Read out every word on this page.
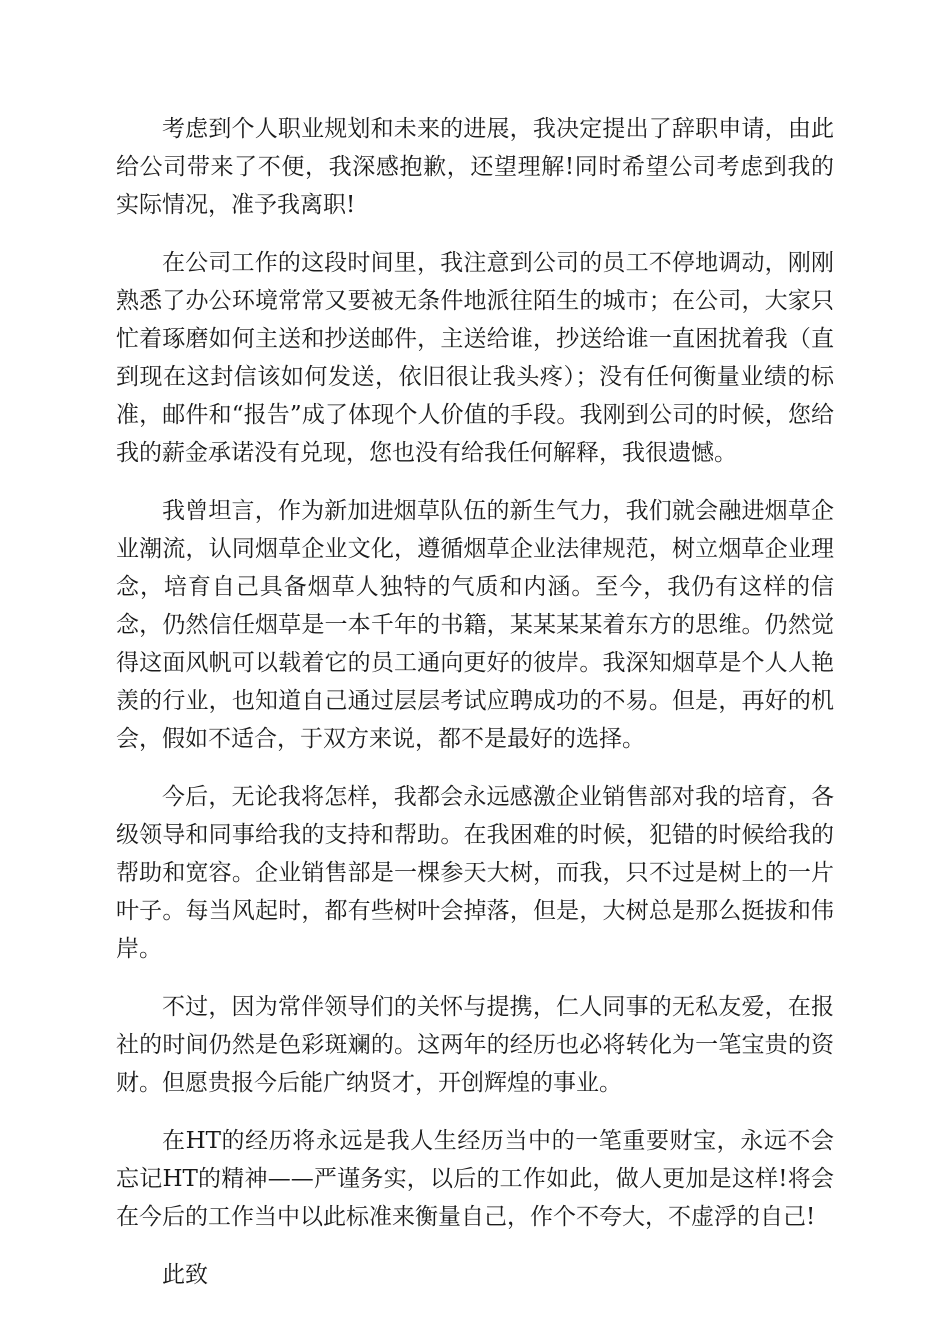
考虑到个人职业规划和未来的进展，我决定提出了辞职申请，由此给公司带来了不便，我深感抱歉，还望理解!同时希望公司考虑到我的实际情况，准予我离职!

在公司工作的这段时间里，我注意到公司的员工不停地调动，刚刚熟悉了办公环境常常又要被无条件地派往陌生的城市；在公司，大家只忙着琢磨如何主送和抄送邮件，主送给谁，抄送给谁一直困扰着我（直到现在这封信该如何发送，依旧很让我头疼）；没有任何衡量业绩的标准，邮件和“报告”成了体现个人价值的手段。我刚到公司的时候，您给我的薪金承诺没有兑现，您也没有给我任何解释，我很遗憾。

我曾坦言，作为新加进烟草队伍的新生气力，我们就会融进烟草企业潮流，认同烟草企业文化，遵循烟草企业法律规范，树立烟草企业理念，培育自己具备烟草人独特的气质和内涵。至今，我仍有这样的信念，仍然信任烟草是一本千年的书籍，某某某某着东方的思维。仍然觉得这面风帆可以载着它的员工通向更好的彼岸。我深知烟草是个人人艳羡的行业，也知道自己通过层层考试应聘成功的不易。但是，再好的机会，假如不适合，于双方来说，都不是最好的选择。

今后，无论我将怎样，我都会永远感激企业销售部对我的培育，各级领导和同事给我的支持和帮助。在我困难的时候，犯错的时候给我的帮助和宽容。企业销售部是一棵参天大树，而我，只不过是树上的一片叶子。每当风起时，都有些树叶会掉落，但是，大树总是那么挺拔和伟岸。

不过，因为常伴领导们的关怀与提携，仁人同事的无私友爱，在报社的时间仍然是色彩斑斓的。这两年的经历也必将转化为一笔宝贵的资财。但愿贵报今后能广纳贤才，开创辉煌的事业。

在HT的经历将永远是我人生经历当中的一笔重要财宝，永远不会忘记HT的精神——严谨务实，以后的工作如此，做人更加是这样!将会在今后的工作当中以此标准来衡量自己，作个不夸大，不虚浮的自己!

此致
